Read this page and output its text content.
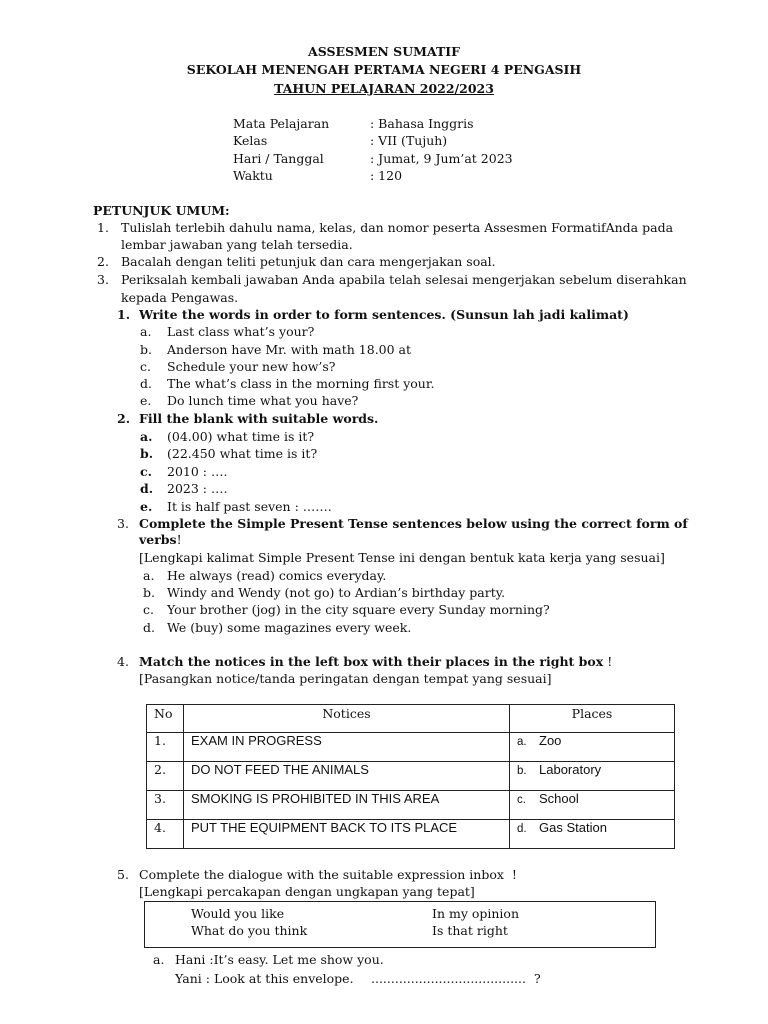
ASSESMEN SUMATIF
SEKOLAH MENENGAH PERTAMA NEGERI 4 PENGASIH
TAHUN PELAJARAN 2022/2023
Mata Pelajaran	: Bahasa Inggris
Kelas	: VII (Tujuh)
Hari / Tanggal	: Jumat, 9 Jum’at 2023
Waktu	: 120
PETUNJUK UMUM:
1. Tulislah terlebih dahulu nama, kelas, dan nomor peserta Assesmen FormatifAnda pada
lembar jawaban yang telah tersedia.
2. Bacalah dengan teliti petunjuk dan cara mengerjakan soal.
3. Periksalah kembali jawaban Anda apabila telah selesai mengerjakan sebelum diserahkan
kepada Pengawas.
1. Write the words in order to form sentences. (Sunsun lah jadi kalimat)
a. Last class what’s your?
b. Anderson have Mr. with math 18.00 at
c. Schedule your new how’s?
d. The what’s class in the morning first your.
e. Do lunch time what you have?
2. Fill the blank with suitable words.
a. (04.00) what time is it?
b. (22.450 what time is it?
c. 2010 : ….
d. 2023 : ….
e. It is half past seven : …….
3. Complete the Simple Present Tense sentences below using the correct form of
verbs!
[Lengkapi kalimat Simple Present Tense ini dengan bentuk kata kerja yang sesuai]
a. He always (read) comics everyday.
b. Windy and Wendy (not go) to Ardian’s birthday party.
c. Your brother (jog) in the city square every Sunday morning?
d. We (buy) some magazines every week.
4. Match the notices in the left box with their places in the right box !
[Pasangkan notice/tanda peringatan dengan tempat yang sesuai]
No	Notices	Places
1.	EXAM IN PROGRESS	a. Zoo
2.	DO NOT FEED THE ANIMALS	b. Laboratory
3.	SMOKING IS PROHIBITED IN THIS AREA	c. School
4.	PUT THE EQUIPMENT BACK TO ITS PLACE	d. Gas Station
5. Complete the dialogue with the suitable expression inbox !
[Lengkapi percakapan dengan ungkapan yang tepat]
Would you like	In my opinion
What do you think	Is that right
a. Hani :It’s easy. Let me show you.
Yani : Look at this envelope. ....................................... ?
